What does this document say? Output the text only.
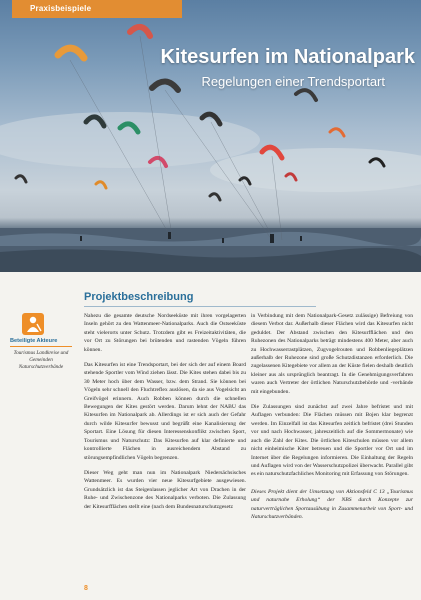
Praxisbeispiele
Kitesurfen im Nationalpark
Regelungen einer Trendsportart
Projektbeschreibung
Beteiligte Akteure
Tourismus Landkreise und Gemeinden Naturschutzverbände

Nahezu die gesamte deutsche Nordseeküste mit ihren vorgelagerten Inseln gehört zu den Wattenmeer-Nationalparks. Auch die Ostseeküste steht vielerorts unter Schutz. Trotzdem gibt es Freizeitaktivitäten, die vor Ort zu Störungen bei brütenden und rastenden Vögeln führen können.

Das Kitesurfen ist eine Trendsportart, bei der sich der auf einem Board stehende Sportler vom Wind ziehen lässt. Die Kites stehen dabei bis zu 30 Meter hoch über dem Wasser, bzw. dem Strand. Sie können bei Vögeln sehr schnell den Fluchtreflex auslösen, da sie aus Vogelsicht an Greifvögel erinnern. Auch Robben können durch die schnellen Bewegungen der Kites gestört werden. Darum lehnt der NABU das Kitesurfen im Nationalpark ab. Allerdings ist er sich auch der Gefahr durch wilde Kitesurfer bewusst und begrüßt eine Kanalisierung der Sportart. Eine Lösung für diesen Interessenskonflikt zwischen Sport, Tourismus und Naturschutz: Das Kitesurfen auf klar definierte und kontrollierte Flächen in ausreichendem Abstand zu störungsempfindlichen Vögeln begrenzen.

Dieser Weg geht man nun im Nationalpark Niedersächsisches Wattenmeer. Es wurden vier neue Kitesurfgebiete ausgewiesen. Grundsätzlich ist das Steigenlassen jeglicher Art von Drachen in der Ruhe- und Zwischenzone des Nationalparks verboten. Die Zulassung der Kitesurfflächen stellt eine (nach dem Bundesnaturschutzgesetz

in Verbindung mit dem Nationalpark-Gesetz zulässige) Befreiung von diesem Verbot dar. Außerhalb dieser Flächen wird das Kitesurfen nicht geduldet. Der Abstand zwischen den Kitesurfflächen und den Ruhezonen des Nationalparks beträgt mindestens 400 Meter, aber auch zu Hochwasserrastplätzen, Zugvogelrouten und Robbenliegeplätzen außerhalb der Ruhezone sind große Schutzdistanzen erforderlich. Die zugelassenen Kitegebiete vor allem an der Küste fielen deshalb deutlich kleiner aus als ursprünglich beantragt. In die Genehmigungsverfahren waren auch Vertreter der örtlichen Naturschutzbehörde und -verbände mit eingebunden.

Die Zulassungen sind zunächst auf zwei Jahre befristet und mit Auflagen verbunden: Die Flächen müssen mit Bojen klar begrenzt werden. Im Einzelfall ist das Kitesurfen zeitlich befristet (drei Stunden vor und nach Hochwasser, jahreszeitlich auf die Sommermonate) wie auch die Zahl der Kites. Die örtlichen Kiteschulen müssen vor allem nicht einheimische Kiter betreuen und die Sportler vor Ort und im Internet über die Regelungen informieren. Die Einhaltung der Regeln und Auflagen wird von der Wasserschutzpolizei überwacht. Parallel gibt es ein naturschutzfachliches Monitoring mit Erfassung von Störungen.

Dieses Projekt dient der Umsetzung von Aktionsfeld C 13 „Tourismus und naturnahe Erholung“ der NBS durch Konzepte zur naturverträglichen Sportausübung in Zusammenarbeit von Sport- und Naturschutzverbänden.

8
